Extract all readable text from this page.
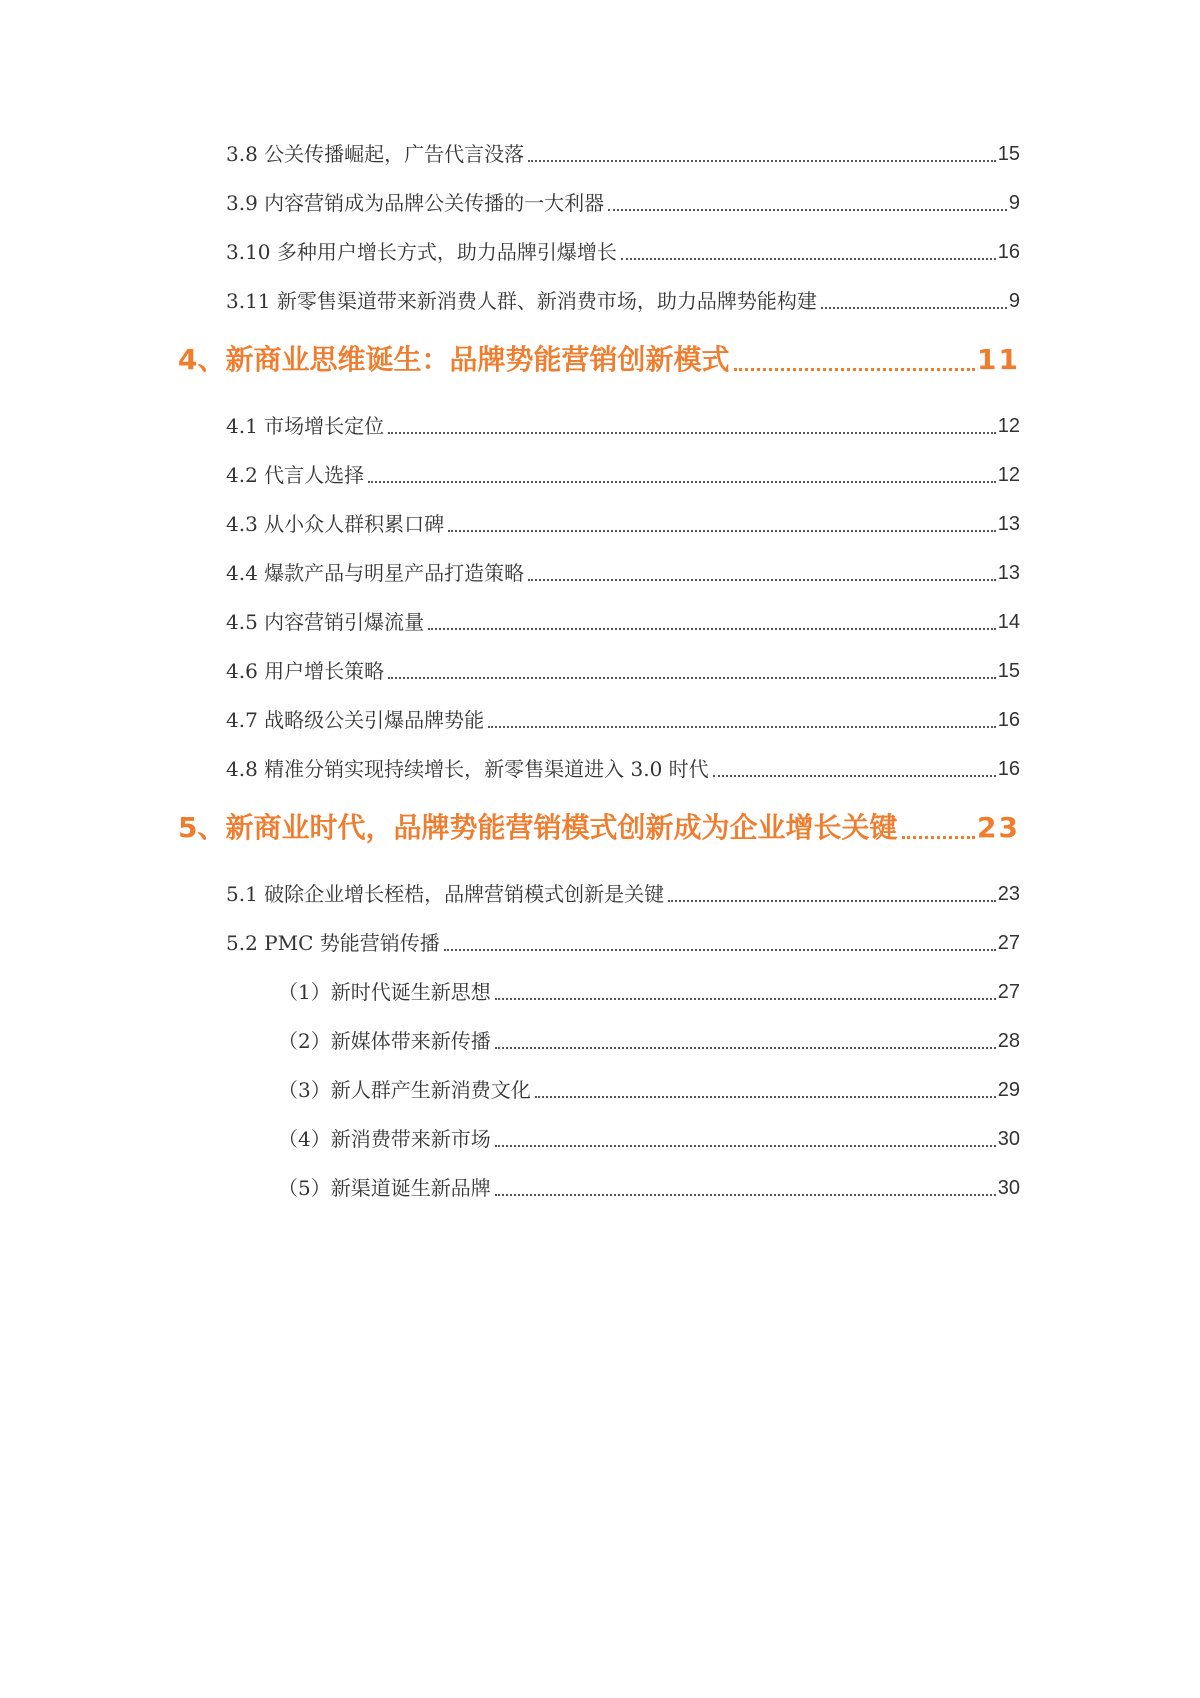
3.8 公关传播崛起，广告代言没落	15
3.9 内容营销成为品牌公关传播的一大利器	9
3.10 多种用户增长方式，助力品牌引爆增长	16
3.11 新零售渠道带来新消费人群、新消费市场，助力品牌势能构建	9
4、新商业思维诞生：品牌势能营销创新模式	11
4.1 市场增长定位	12
4.2 代言人选择	12
4.3 从小众人群积累口碑	13
4.4 爆款产品与明星产品打造策略	13
4.5 内容营销引爆流量	14
4.6 用户增长策略	15
4.7 战略级公关引爆品牌势能	16
4.8 精准分销实现持续增长，新零售渠道进入 3.0 时代	16
5、新商业时代，品牌势能营销模式创新成为企业增长关键	23
5.1 破除企业增长桎梏，品牌营销模式创新是关键	23
5.2 PMC 势能营销传播	27
（1）新时代诞生新思想	27
（2）新媒体带来新传播	28
（3）新人群产生新消费文化	29
（4）新消费带来新市场	30
（5）新渠道诞生新品牌	30
